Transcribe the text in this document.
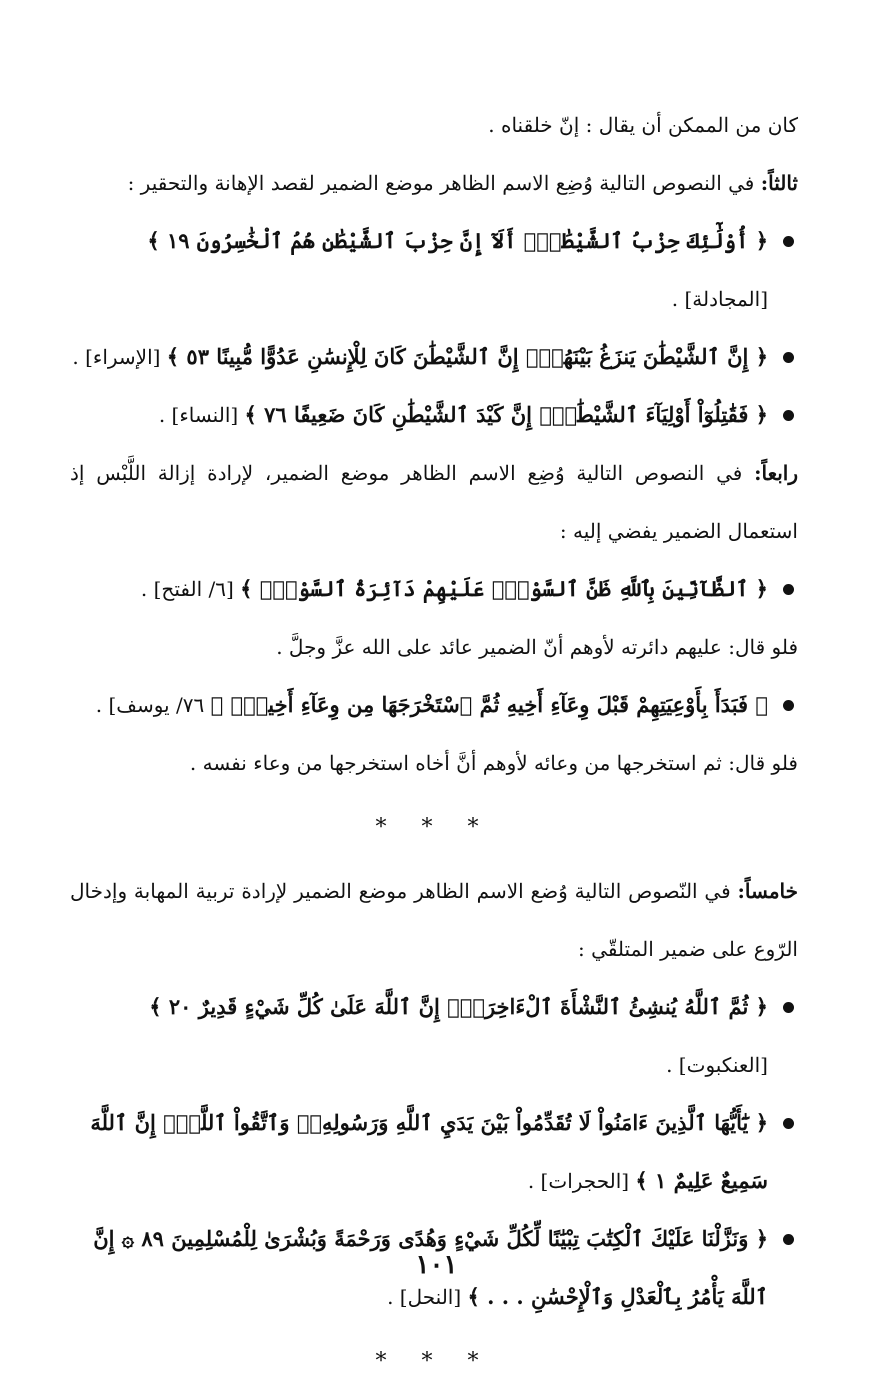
كان من الممكن أن يقال : إنّ خلقناه .

ثالثاً: في النصوص التالية وُضِع الاسم الظاهر موضع الضمير لقصد الإهانة والتحقير :

﴿ أُوْلَٰٓئِكَ حِزْبُ ٱلشَّيْطَٰنِۚ أَلَآ إِنَّ حِزْبَ ٱلشَّيْطَٰنِ هُمُ ٱلْخَٰسِرُونَ ١٩ ﴾ [المجادلة] .
﴿ إِنَّ ٱلشَّيْطَٰنَ يَنزَغُ بَيْنَهُمْۚ إِنَّ ٱلشَّيْطَٰنَ كَانَ لِلْإِنسَٰنِ عَدُوًّا مُّبِينًا ٥٣ ﴾ [الإسراء] .
﴿ فَقَٰتِلُوٓاْ أَوْلِيَآءَ ٱلشَّيْطَٰنِۖ إِنَّ كَيْدَ ٱلشَّيْطَٰنِ كَانَ ضَعِيفًا ٧٦ ﴾ [النساء] .

رابعاً: في النصوص التالية وُضِع الاسم الظاهر موضع الضمير، لإرادة إزالة اللَّبْس إذ استعمال الضمير يفضي إليه :

﴿ ٱلظَّآنِّينَ بِٱللَّهِ ظَنَّ ٱلسَّوْءِۚ عَلَيْهِمْ دَآئِرَةُ ٱلسَّوْءِۖ ﴾ [٦/ الفتح] .

فلو قال: عليهم دائرته لأوهم أنّ الضمير عائد على الله عزَّ وجلَّ .

﴿ فَبَدَأَ بِأَوْعِيَتِهِمْ قَبْلَ وِعَآءِ أَخِيهِ ثُمَّ ٱسْتَخْرَجَهَا مِن وِعَآءِ أَخِيهِۚ ﴾ ٧٦/ يوسف] .

فلو قال: ثم استخرجها من وعائه لأوهم أنَّ أخاه استخرجها من وعاء نفسه .

* * *

خامساً: في النّصوص التالية وُضع الاسم الظاهر موضع الضمير لإرادة تربية المهابة وإدخال الرّوع على ضمير المتلقّي :

﴿ ثُمَّ ٱللَّهُ يُنشِئُ ٱلنَّشْأَةَ ٱلْءَاخِرَةَۚ إِنَّ ٱللَّهَ عَلَىٰ كُلِّ شَيْءٍ قَدِيرٌ ٢٠ ﴾ [العنكبوت] .
﴿ يَٰٓأَيُّهَا ٱلَّذِينَ ءَامَنُواْ لَا تُقَدِّمُواْ بَيْنَ يَدَيِ ٱللَّهِ وَرَسُولِهِۦۖ وَٱتَّقُواْ ٱللَّهَۚ إِنَّ ٱللَّهَ سَمِيعٌ عَلِيمٌ ١ ﴾ [الحجرات] .
﴿ وَنَزَّلْنَا عَلَيْكَ ٱلْكِتَٰبَ تِبْيَٰنًا لِّكُلِّ شَيْءٍ وَهُدًى وَرَحْمَةً وَبُشْرَىٰ لِلْمُسْلِمِينَ ٨٩ ۞ إِنَّ ٱللَّهَ يَأْمُرُ بِٱلْعَدْلِ وَٱلْإِحْسَٰنِ . . . ﴾ [النحل] .
* * *
١٠١
